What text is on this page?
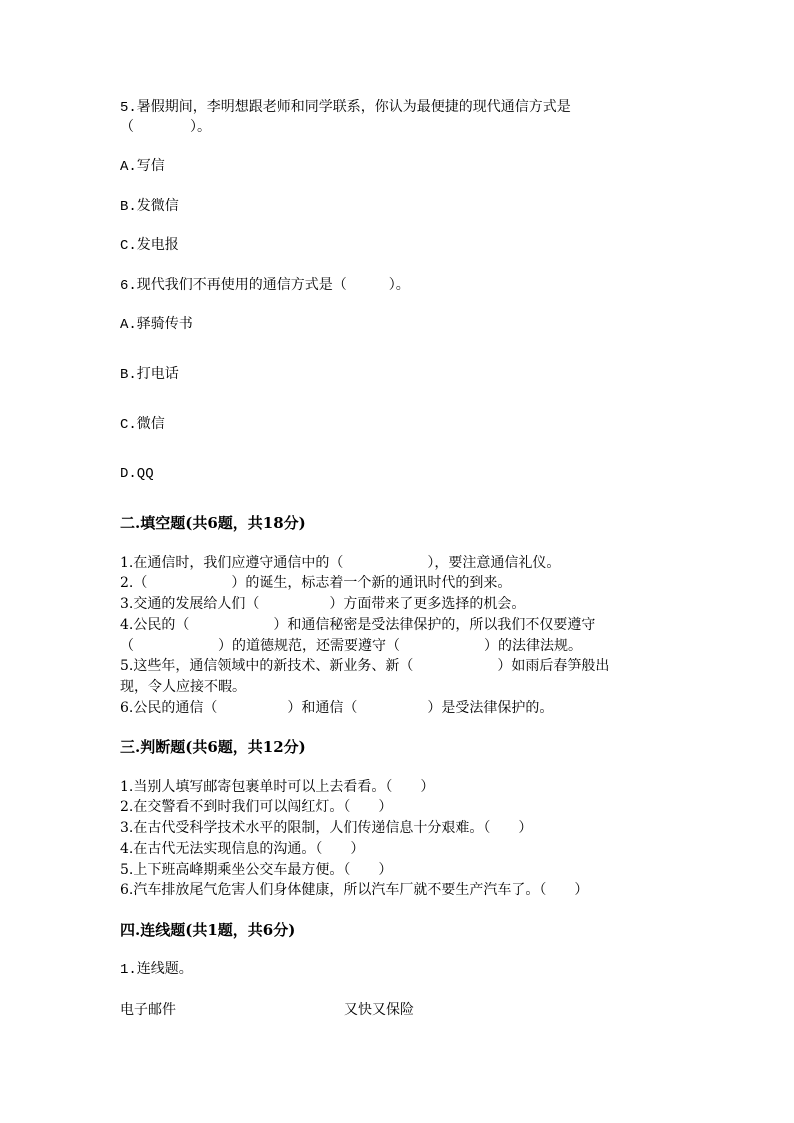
5.暑假期间，李明想跟老师和同学联系，你认为最便捷的现代通信方式是
（　　　　）。
A.写信
B.发微信
C.发电报
6.现代我们不再使用的通信方式是（　　　）。
A.驿骑传书
B.打电话
C.微信
D.QQ
二.填空题(共6题，共18分)
1.在通信时，我们应遵守通信中的（　　　　　　），要注意通信礼仪。
2.（　　　　　　）的诞生，标志着一个新的通讯时代的到来。
3.交通的发展给人们（　　　　　）方面带来了更多选择的机会。
4.公民的（　　　　　　）和通信秘密是受法律保护的，所以我们不仅要遵守
（　　　　　　）的道德规范，还需要遵守（　　　　　　）的法律法规。
5.这些年，通信领域中的新技术、新业务、新（　　　　　　）如雨后春笋般出
现，令人应接不暇。
6.公民的通信（　　　　　）和通信（　　　　　）是受法律保护的。
三.判断题(共6题，共12分)
1.当别人填写邮寄包裹单时可以上去看看。（　　）
2.在交警看不到时我们可以闯红灯。（　　）
3.在古代受科学技术水平的限制，人们传递信息十分艰难。（　　）
4.在古代无法实现信息的沟通。（　　）
5.上下班高峰期乘坐公交车最方便。（　　）
6.汽车排放尾气危害人们身体健康，所以汽车厂就不要生产汽车了。（　　）
四.连线题(共1题，共6分)
1.连线题。
电子邮件	又快又保险
